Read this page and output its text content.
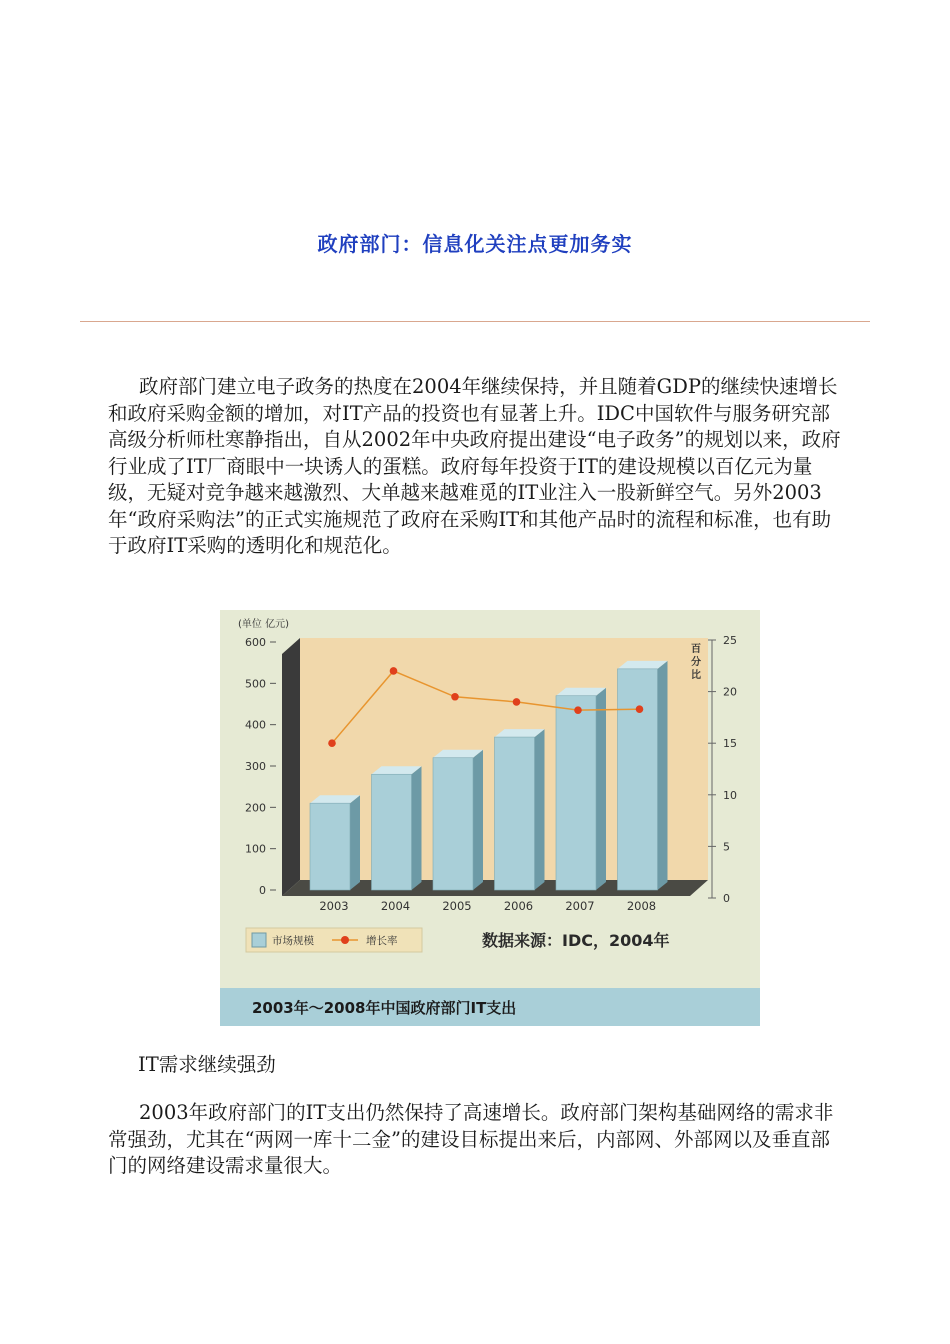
政府部门：信息化关注点更加务实

政府部门建立电子政务的热度在2004年继续保持，并且随着GDP的继续快速增长和政府采购金额的增加，对IT产品的投资也有显著上升。IDC中国软件与服务研究部高级分析师杜寒静指出，自从2002年中央政府提出建设“电子政务”的规划以来，政府行业成了IT厂商眼中一块诱人的蛋糕。政府每年投资于IT的建设规模以百亿元为量级，无疑对竞争越来越激烈、大单越来越难觅的IT业注入一股新鲜空气。另外2003年“政府采购法”的正式实施规范了政府在采购IT和其他产品时的流程和标准，也有助于政府IT采购的透明化和规范化。

0
100
200
300
400
500
600
(单位 亿元)
0
5
10
15
20
25
百
分
比
2003	2004	2005	2006	2007	2008
市场规模	增长率	数据来源：IDC，2004年
2003年～2008年中国政府部门IT支出
IT需求继续强劲

2003年政府部门的IT支出仍然保持了高速增长。政府部门架构基础网络的需求非常强劲，尤其在“两网一库十二金”的建设目标提出来后，内部网、外部网以及垂直部门的网络建设需求量很大。
